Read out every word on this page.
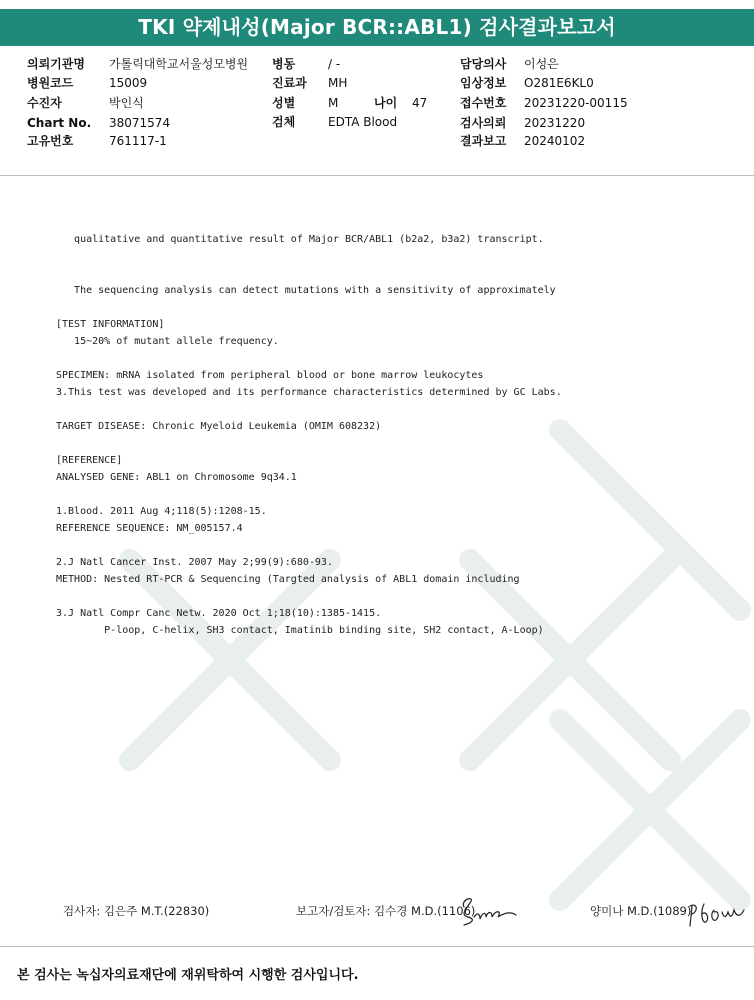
TKI 약제내성(Major BCR::ABL1) 검사결과보고서
의뢰기관명 가톨릭대학교서울성모병원
병원코드	15009
수진자	박인식
Chart No. 38071574
고유번호	761117-1
병동	/ -
진료과 MH
성별	M	나이 47
검체	EDTA Blood
담당의사 이성은
임상정보 O281E6KL0
접수번호 20231220-00115
검사의뢰 20231220
결과보고 20240102

qualitative and quantitative result of Major BCR/ABL1 (b2a2, b3a2) transcript.

The sequencing analysis can detect mutations with a sensitivity of approximately

15~20% of mutant allele frequency.

3.This test was developed and its performance characteristics determined by GC Labs.

[TEST INFORMATION]

SPECIMEN: mRNA isolated from peripheral blood or bone marrow leukocytes

TARGET DISEASE: Chronic Myeloid Leukemia (OMIM 608232)

ANALYSED GENE: ABL1 on Chromosome 9q34.1

REFERENCE SEQUENCE: NM_005157.4

METHOD: Nested RT-PCR & Sequencing (Targted analysis of ABL1 domain including

P-loop, C-helix, SH3 contact, Imatinib binding site, SH2 contact, A-Loop)

[REFERENCE]

1.Blood. 2011 Aug 4;118(5):1208-15.

2.J Natl Cancer Inst. 2007 May 2;99(9):680-93.

3.J Natl Compr Canc Netw. 2020 Oct 1;18(10):1385-1415.

검사자: 김은주 M.T.(22830)	보고자/검토자: 김수경 M.D.(1106)	양미나 M.D.(1089)
본 검사는 녹십자의료재단에 재위탁하여 시행한 검사입니다.
